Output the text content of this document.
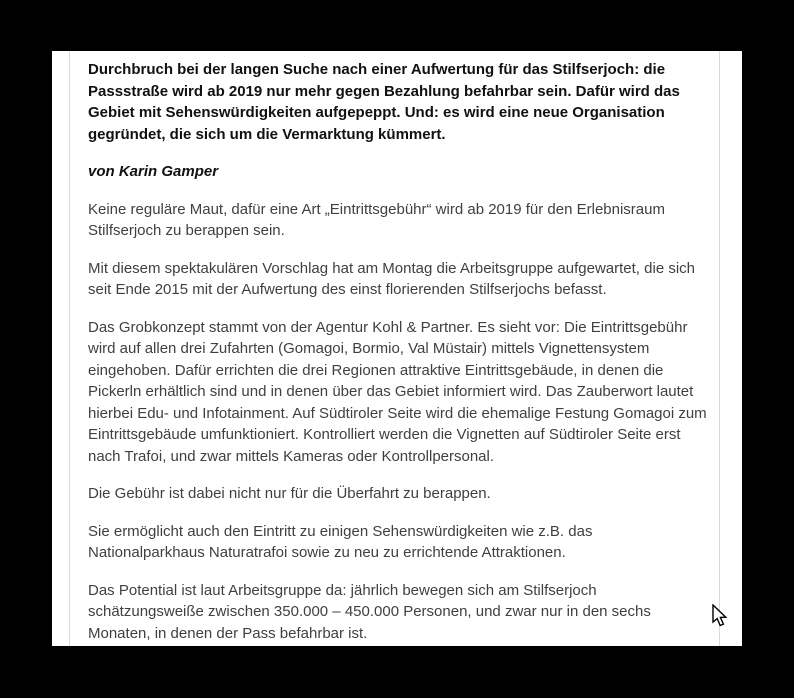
Durchbruch bei der langen Suche nach einer Aufwertung für das Stilfserjoch: die Passstraße wird ab 2019 nur mehr gegen Bezahlung befahrbar sein. Dafür wird das Gebiet mit Sehenswürdigkeiten aufgepeppt. Und: es wird eine neue Organisation gegründet, die sich um die Vermarktung kümmert.

von Karin Gamper

Keine reguläre Maut, dafür eine Art „Eintrittsgebühr“ wird ab 2019 für den Erlebnisraum Stilfserjoch zu berappen sein.

Mit diesem spektakulären Vorschlag hat am Montag die Arbeitsgruppe aufgewartet, die sich seit Ende 2015 mit der Aufwertung des einst florierenden Stilfserjochs befasst.

Das Grobkonzept stammt von der Agentur Kohl & Partner. Es sieht vor: Die Eintrittsgebühr wird auf allen drei Zufahrten (Gomagoi, Bormio, Val Müstair) mittels Vignettensystem eingehoben. Dafür errichten die drei Regionen attraktive Eintrittsgebäude, in denen die Pickerln erhältlich sind und in denen über das Gebiet informiert wird. Das Zauberwort lautet hierbei Edu- und Infotainment. Auf Südtiroler Seite wird die ehemalige Festung Gomagoi zum Eintrittsgebäude umfunktioniert. Kontrolliert werden die Vignetten auf Südtiroler Seite erst nach Trafoi, und zwar mittels Kameras oder Kontrollpersonal.

Die Gebühr ist dabei nicht nur für die Überfahrt zu berappen.

Sie ermöglicht auch den Eintritt zu einigen Sehenswürdigkeiten wie z.B. das Nationalparkhaus Naturatrafoi sowie zu neu zu errichtende Attraktionen.

Das Potential ist laut Arbeitsgruppe da: jährlich bewegen sich am Stilfserjoch schätzungsweiße zwischen 350.000 – 450.000 Personen, und zwar nur in den sechs Monaten, in denen der Pass befahrbar ist.
